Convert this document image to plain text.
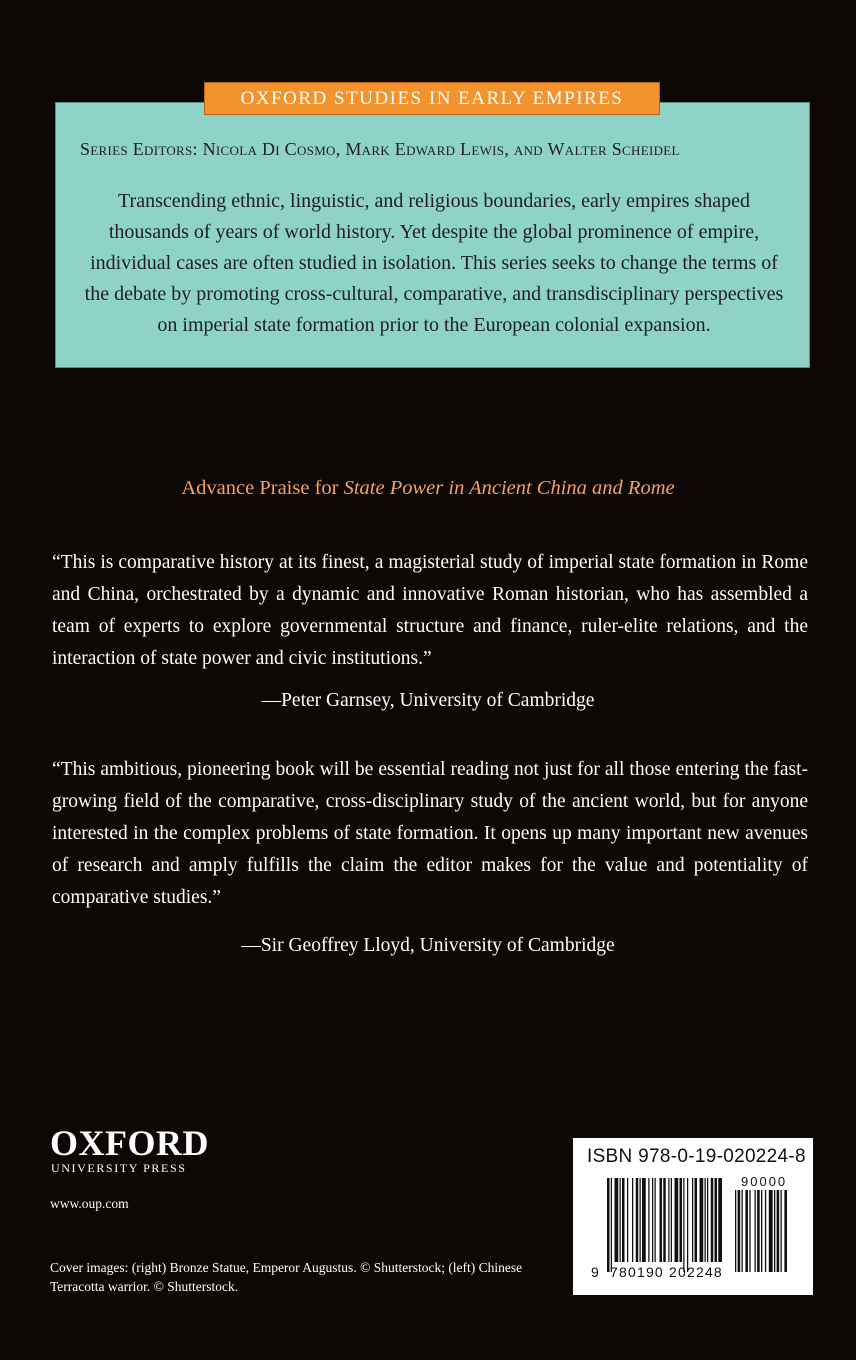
OXFORD STUDIES IN EARLY EMPIRES
Series Editors: Nicola Di Cosmo, Mark Edward Lewis, and Walter Scheidel
Transcending ethnic, linguistic, and religious boundaries, early empires shaped thousands of years of world history. Yet despite the global prominence of empire, individual cases are often studied in isolation. This series seeks to change the terms of the debate by promoting cross-cultural, comparative, and transdisciplinary perspectives on imperial state formation prior to the European colonial expansion.
Advance Praise for State Power in Ancient China and Rome
“This is comparative history at its finest, a magisterial study of imperial state formation in Rome and China, orchestrated by a dynamic and innovative Roman historian, who has assembled a team of experts to explore governmental structure and finance, ruler-elite relations, and the interaction of state power and civic institutions.”
—Peter Garnsey, University of Cambridge
“This ambitious, pioneering book will be essential reading not just for all those entering the fast-growing field of the comparative, cross-disciplinary study of the ancient world, but for anyone interested in the complex problems of state formation. It opens up many important new avenues of research and amply fulfills the claim the editor makes for the value and potentiality of comparative studies.”
—Sir Geoffrey Lloyd, University of Cambridge
OXFORD
UNIVERSITY PRESS
www.oup.com
Cover images: (right) Bronze Statue, Emperor Augustus. © Shutterstock; (left) Chinese Terracotta warrior. © Shutterstock.
ISBN 978-0-19-020224-8
90000
9 780190 202248
